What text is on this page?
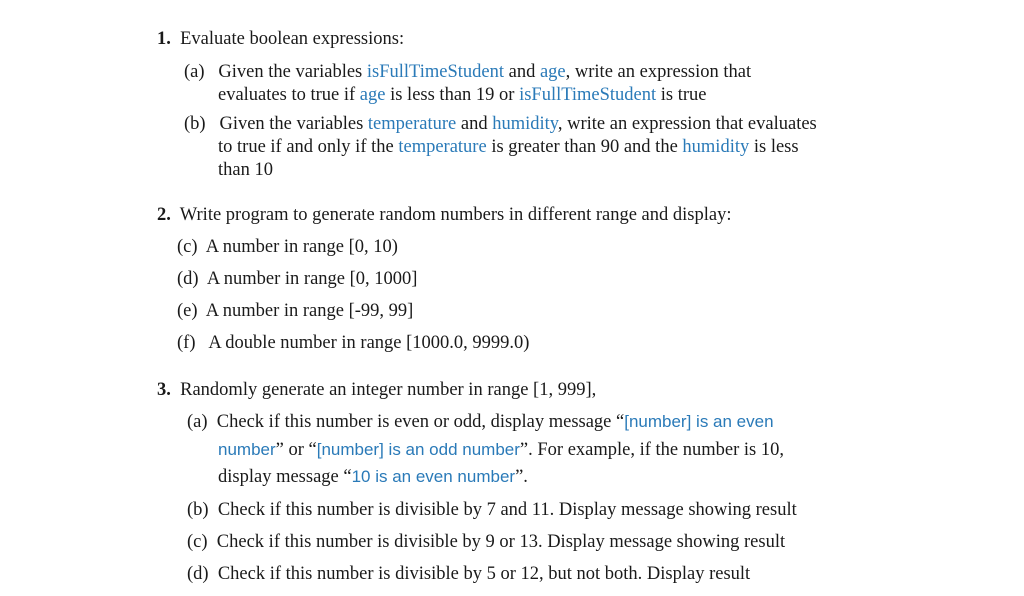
1. Evaluate boolean expressions:
(a) Given the variables isFullTimeStudent and age, write an expression that
evaluates to true if age is less than 19 or isFullTimeStudent is true
(b) Given the variables temperature and humidity, write an expression that evaluates
to true if and only if the temperature is greater than 90 and the humidity is less
than 10
2. Write program to generate random numbers in different range and display:
(c) A number in range [0, 10)
(d) A number in range [0, 1000]
(e) A number in range [-99, 99]
(f) A double number in range [1000.0, 9999.0)
3. Randomly generate an integer number in range [1, 999],
(a) Check if this number is even or odd, display message “[number] is an even
number” or “[number] is an odd number”. For example, if the number is 10,
display message “10 is an even number”.
(b) Check if this number is divisible by 7 and 11. Display message showing result
(c) Check if this number is divisible by 9 or 13. Display message showing result
(d) Check if this number is divisible by 5 or 12, but not both. Display result
